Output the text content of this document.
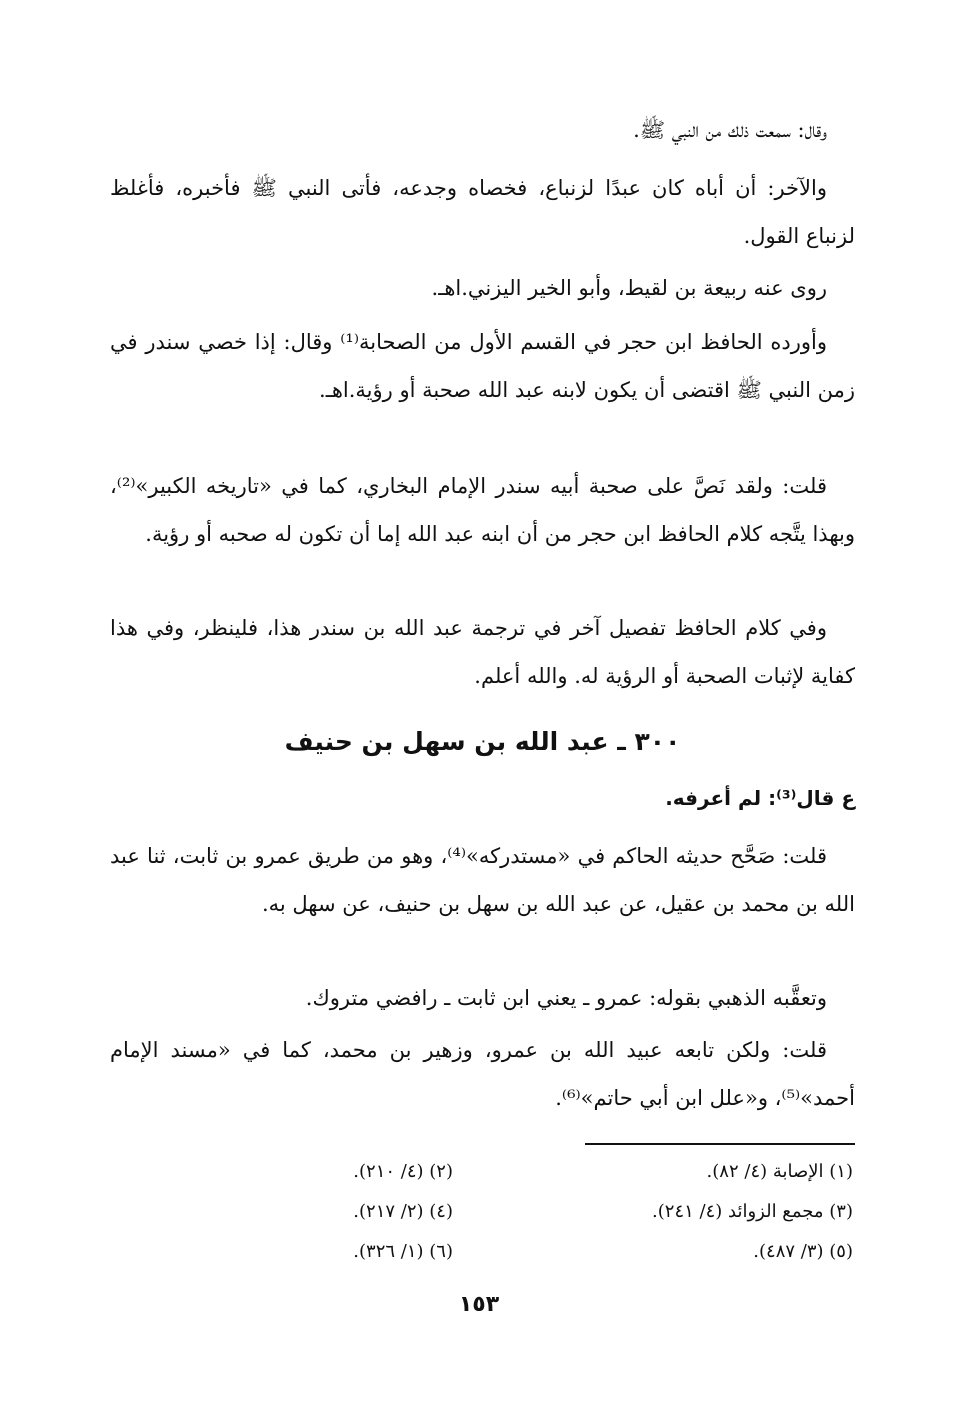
وقال: سمعت ذلك من النبي ﷺ.
والآخر: أن أباه كان عبدًا لزنباع، فخصاه وجدعه، فأتى النبي ﷺ فأخبره، فأغلظ لزنباع القول.
روى عنه ربيعة بن لقيط، وأبو الخير اليزني.اهـ.
وأورده الحافظ ابن حجر في القسم الأول من الصحابة⁽¹⁾ وقال: إذا خصي سندر في زمن النبي ﷺ اقتضى أن يكون لابنه عبد الله صحبة أو رؤية.اهـ.
قلت: ولقد نَصَّ على صحبة أبيه سندر الإمام البخاري، كما في «تاريخه الكبير»⁽²⁾، وبهذا يتَّجه كلام الحافظ ابن حجر من أن ابنه عبد الله إما أن تكون له صحبه أو رؤية.
وفي كلام الحافظ تفصيل آخر في ترجمة عبد الله بن سندر هذا، فلينظر، وفي هذا كفاية لإثبات الصحبة أو الرؤية له. والله أعلم.
٣٠٠ ـ عبد الله بن سهل بن حنيف
ع قال⁽³⁾: لم أعرفه.
قلت: صَحَّح حديثه الحاكم في «مستدركه»⁽⁴⁾، وهو من طريق عمرو بن ثابت، ثنا عبد الله بن محمد بن عقيل، عن عبد الله بن سهل بن حنيف، عن سهل به.
وتعقَّبه الذهبي بقوله: عمرو ـ يعني ابن ثابت ـ رافضي متروك.
قلت: ولكن تابعه عبيد الله بن عمرو، وزهير بن محمد، كما في «مسند الإمام أحمد»⁽⁵⁾، و«علل ابن أبي حاتم»⁽⁶⁾.
(١) الإصابة (٤/ ٨٢).
(٢) (٤/ ٢١٠).
(٣) مجمع الزوائد (٤/ ٢٤١).
(٤) (٢/ ٢١٧).
(٥) (٣/ ٤٨٧).
(٦) (١/ ٣٢٦).
١٥٣
